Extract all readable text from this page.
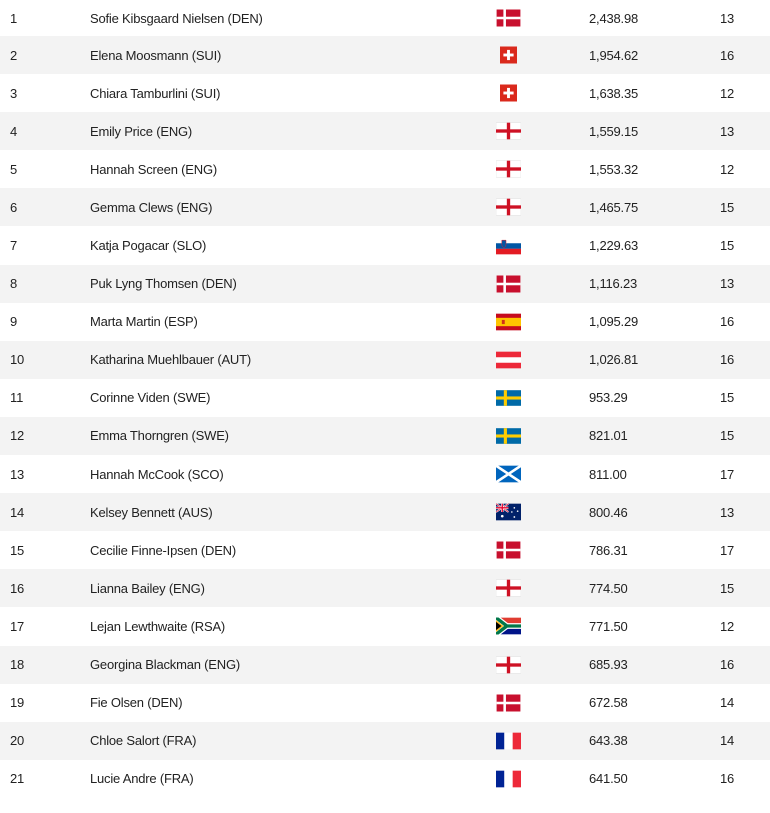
1	Sofie Kibsgaard Nielsen (DEN)	2,438.98	13
2	Elena Moosmann (SUI)	1,954.62	16
3	Chiara Tamburlini (SUI)	1,638.35	12
4	Emily Price (ENG)	1,559.15	13
5	Hannah Screen (ENG)	1,553.32	12
6	Gemma Clews (ENG)	1,465.75	15
7	Katja Pogacar (SLO)	1,229.63	15
8	Puk Lyng Thomsen (DEN)	1,116.23	13
9	Marta Martin (ESP)	1,095.29	16
10	Katharina Muehlbauer (AUT)	1,026.81	16
11	Corinne Viden (SWE)	953.29	15
12	Emma Thorngren (SWE)	821.01	15
13	Hannah McCook (SCO)	811.00	17
14	Kelsey Bennett (AUS)	800.46	13
15	Cecilie Finne-Ipsen (DEN)	786.31	17
16	Lianna Bailey (ENG)	774.50	15
17	Lejan Lewthwaite (RSA)	771.50	12
18	Georgina Blackman (ENG)	685.93	16
19	Fie Olsen (DEN)	672.58	14
20	Chloe Salort (FRA)	643.38	14
21	Lucie Andre (FRA)	641.50	16
